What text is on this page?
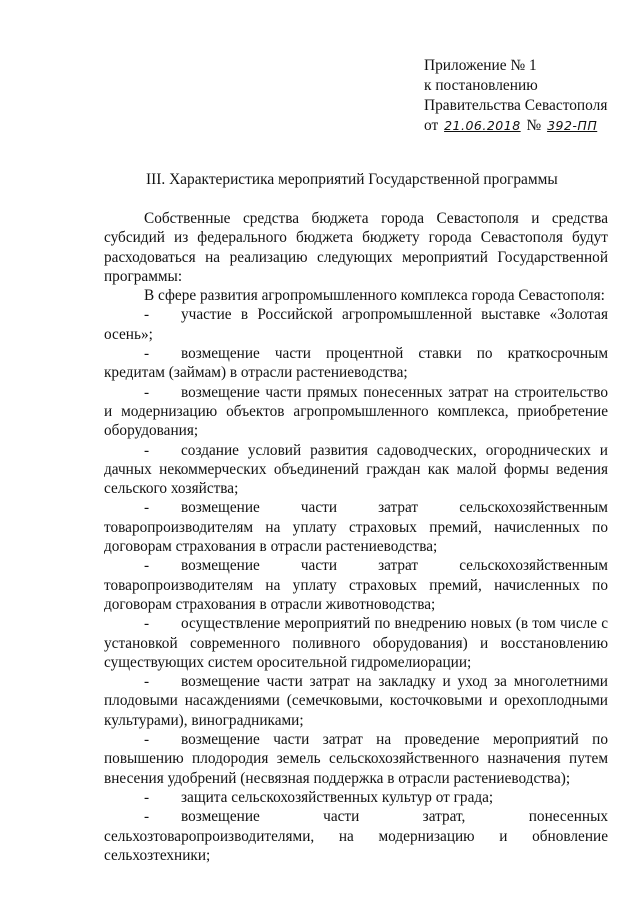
Приложение № 1
к постановлению
Правительства Севастополя
от 21.06.2018 № 392-ПП
III. Характеристика мероприятий Государственной программы

Собственные средства бюджета города Севастополя и средства субсидий из федерального бюджета бюджету города Севастополя будут расходоваться на реализацию следующих мероприятий Государственной программы:

В сфере развития агропромышленного комплекса города Севастополя:

- участие в Российской агропромышленной выставке «Золотая осень»;

- возмещение части процентной ставки по краткосрочным кредитам (займам) в отрасли растениеводства;

- возмещение части прямых понесенных затрат на строительство и модернизацию объектов агропромышленного комплекса, приобретение оборудования;

- создание условий развития садоводческих, огороднических и дачных некоммерческих объединений граждан как малой формы ведения сельского хозяйства;

- возмещение части затрат сельскохозяйственным товаропроизводителям на уплату страховых премий, начисленных по договорам страхования в отрасли растениеводства;

- возмещение части затрат сельскохозяйственным товаропроизводителям на уплату страховых премий, начисленных по договорам страхования в отрасли животноводства;

- осуществление мероприятий по внедрению новых (в том числе с установкой современного поливного оборудования) и восстановлению существующих систем оросительной гидромелиорации;

- возмещение части затрат на закладку и уход за многолетними плодовыми насаждениями (семечковыми, косточковыми и орехоплодными культурами), виноградниками;

- возмещение части затрат на проведение мероприятий по повышению плодородия земель сельскохозяйственного назначения путем внесения удобрений (несвязная поддержка в отрасли растениеводства);

- защита сельскохозяйственных культур от града;

- возмещение части затрат, понесенных сельхозтоваропроизводителями, на модернизацию и обновление сельхозтехники;
